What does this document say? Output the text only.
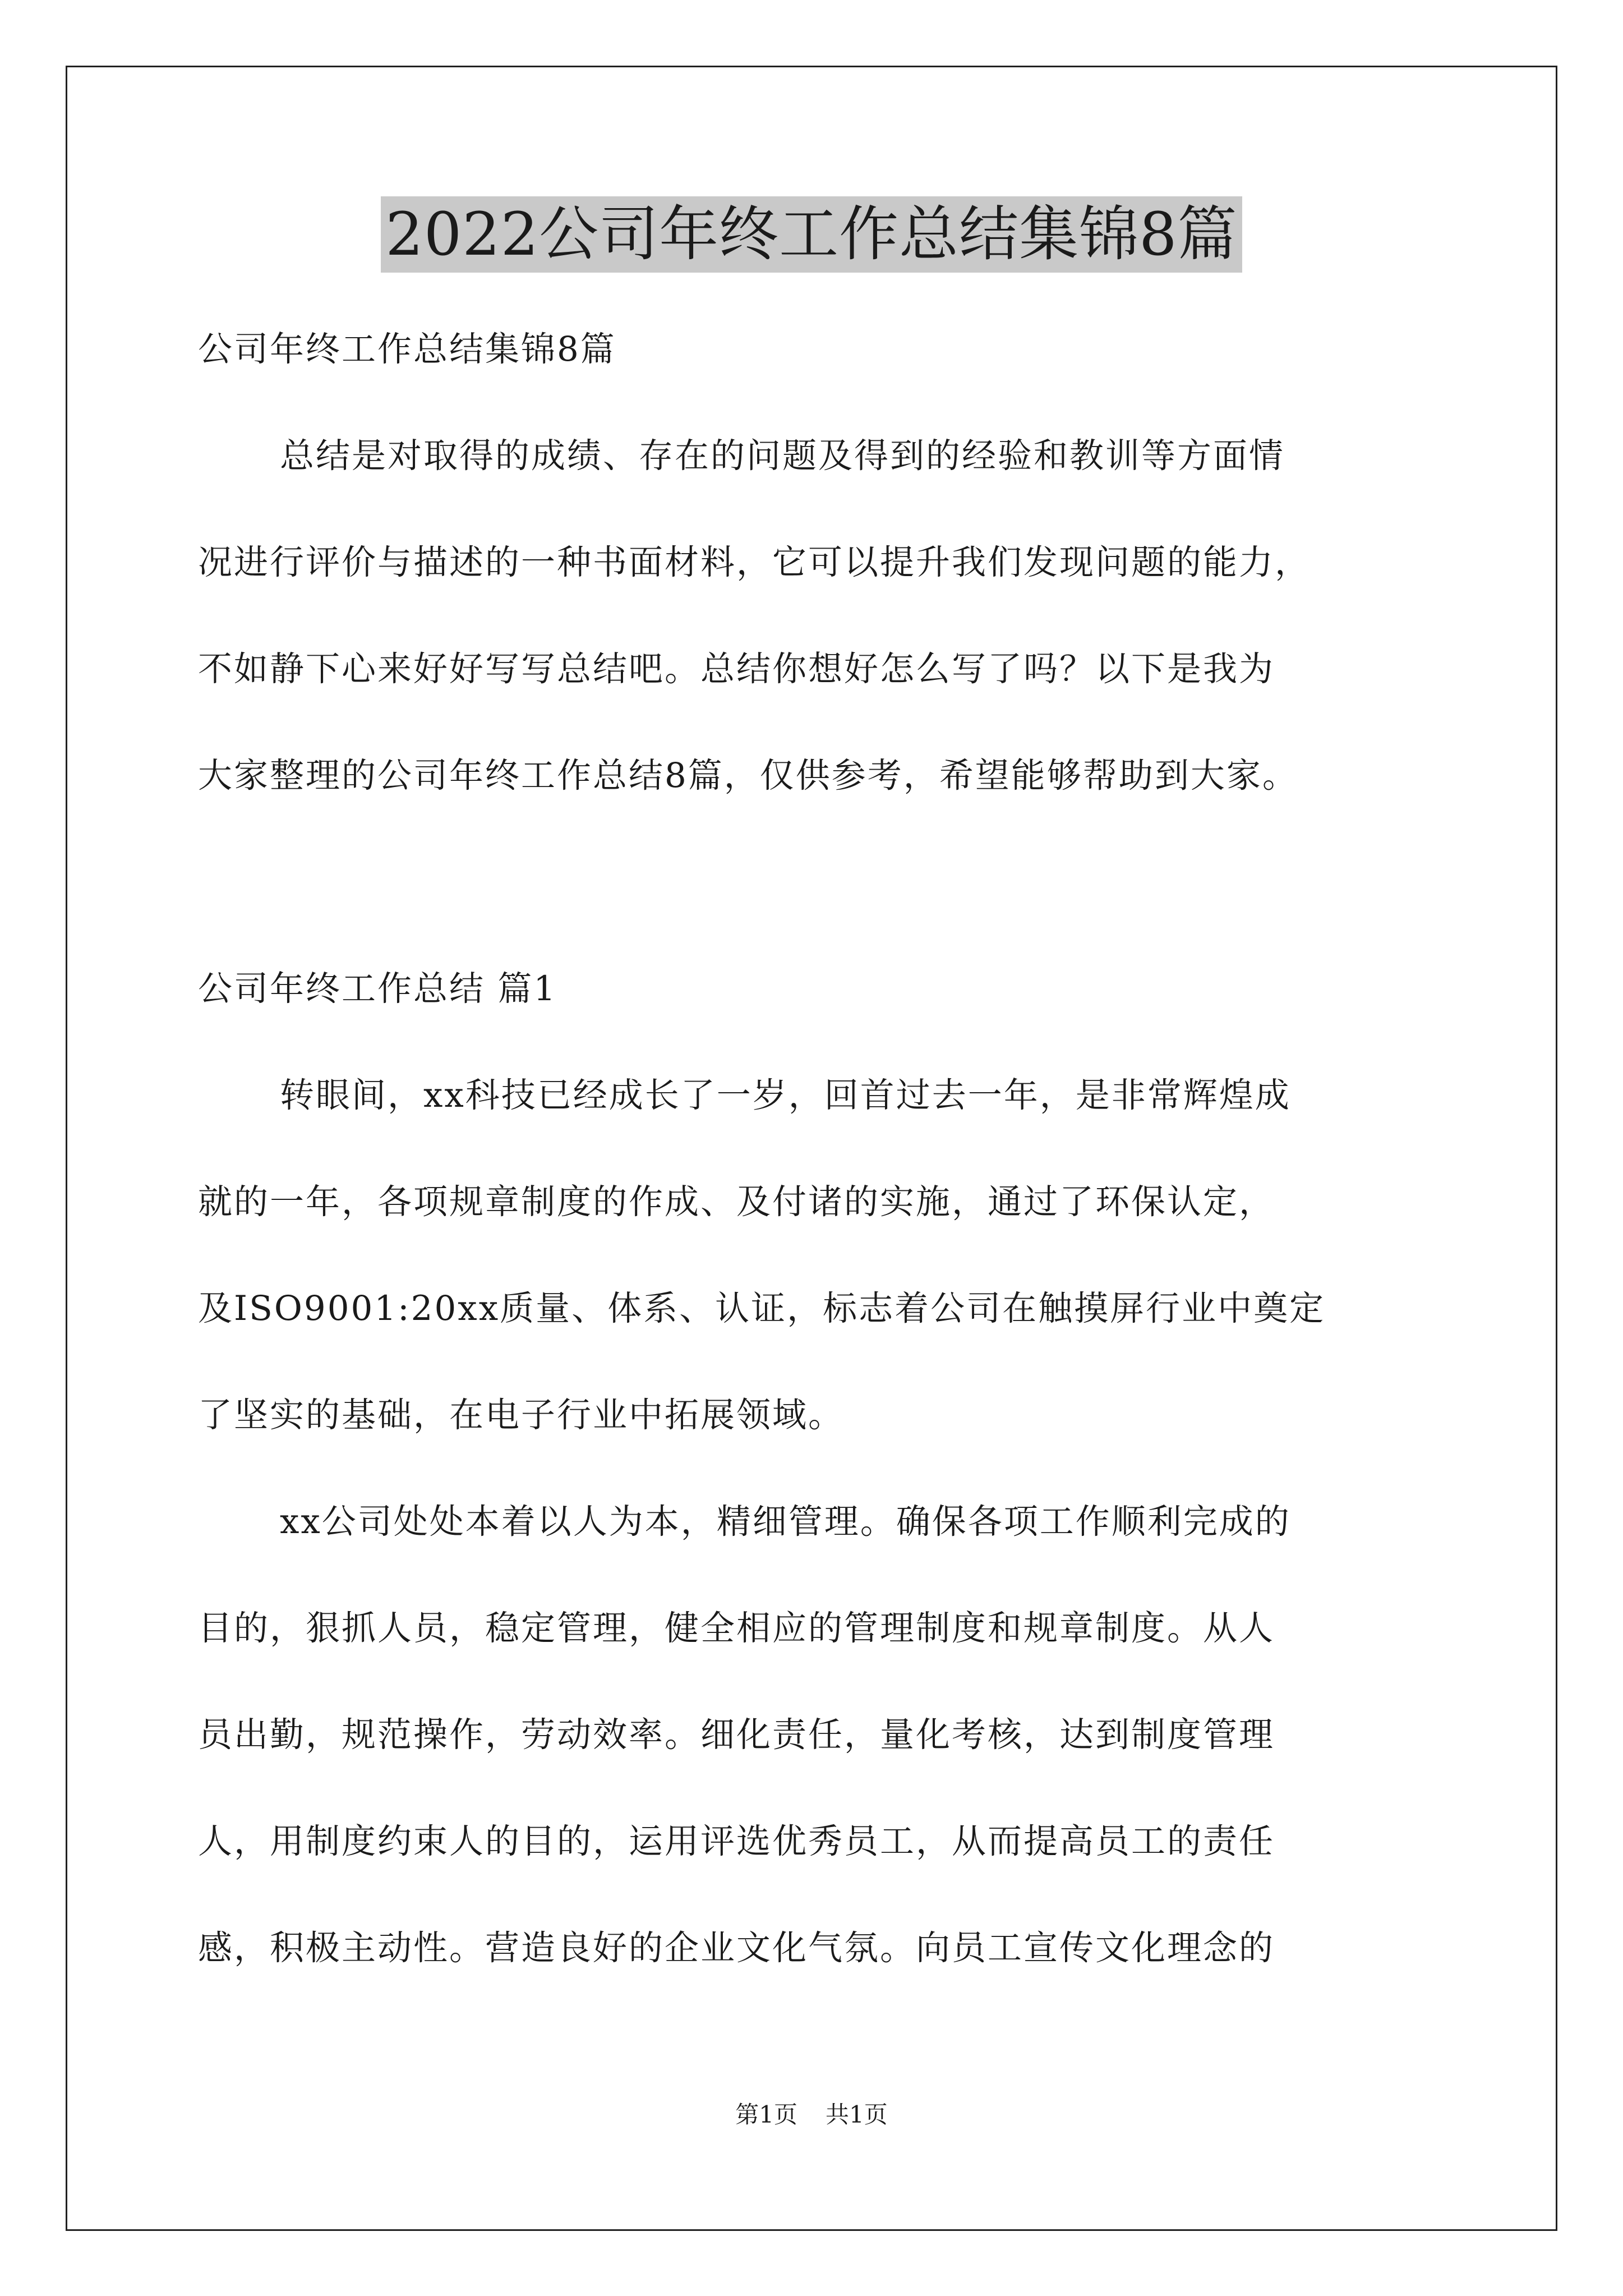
2022公司年终工作总结集锦8篇
公司年终工作总结集锦8篇
总结是对取得的成绩、存在的问题及得到的经验和教训等方面情
况进行评价与描述的一种书面材料，它可以提升我们发现问题的能力，
不如静下心来好好写写总结吧。总结你想好怎么写了吗？以下是我为
大家整理的公司年终工作总结8篇，仅供参考，希望能够帮助到大家。
公司年终工作总结 篇1
转眼间，xx科技已经成长了一岁，回首过去一年，是非常辉煌成
就的一年，各项规章制度的作成、及付诸的实施，通过了环保认定，
及ISO9001:20xx质量、体系、认证，标志着公司在触摸屏行业中奠定
了坚实的基础，在电子行业中拓展领域。
xx公司处处本着以人为本，精细管理。确保各项工作顺利完成的
目的，狠抓人员，稳定管理，健全相应的管理制度和规章制度。从人
员出勤，规范操作，劳动效率。细化责任，量化考核，达到制度管理
人，用制度约束人的目的，运用评选优秀员工，从而提高员工的责任
感，积极主动性。营造良好的企业文化气氛。向员工宣传文化理念的
第1页 共1页
